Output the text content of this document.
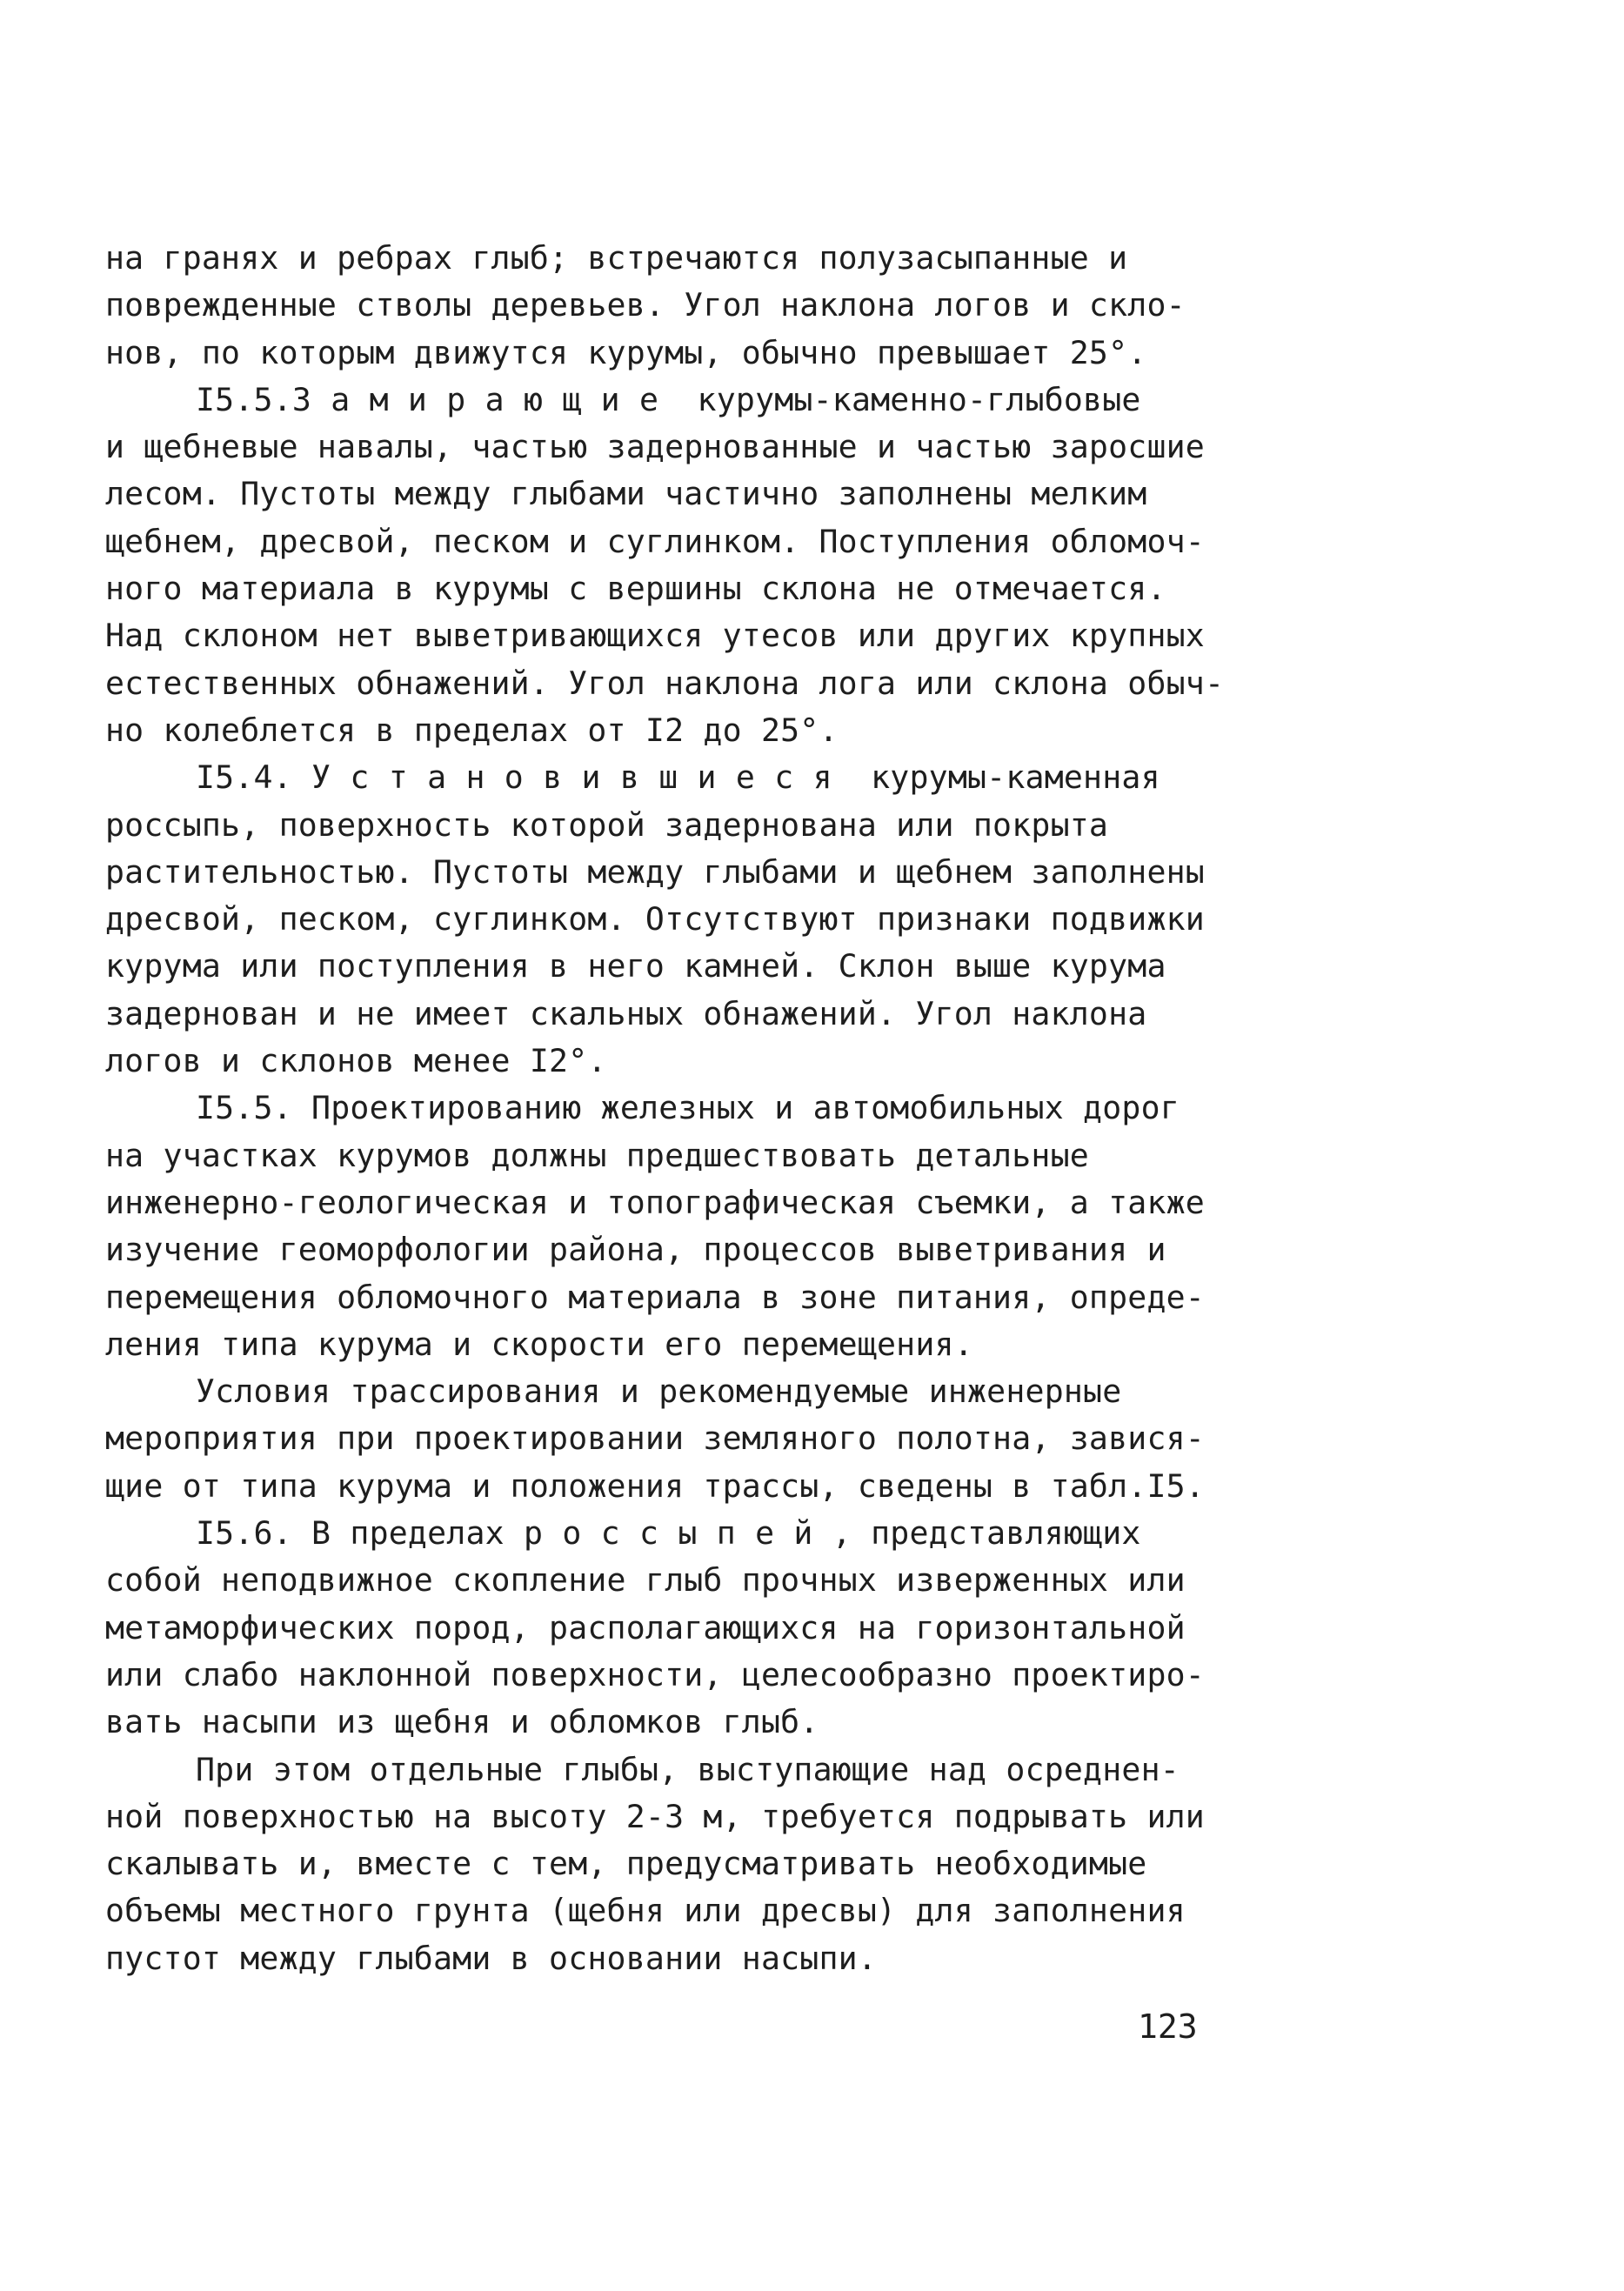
на гранях и ребрах глыб; встречаются полузасыпанные и
поврежденные стволы деревьев. Угол наклона логов и скло-
нов, по которым движутся курумы, обычно превышает 25°.
I5.5.3 а м и р а ю щ и е  курумы-каменно-глыбовые
и щебневые навалы, частью задернованные и частью заросшие
лесом. Пустоты между глыбами частично заполнены мелким
щебнем, дресвой, песком и суглинком. Поступления обломоч-
ного материала в курумы с вершины склона не отмечается.
Над склоном нет выветривающихся утесов или других крупных
естественных обнажений. Угол наклона лога или склона обыч-
но колеблется в пределах от I2 до 25°.
I5.4. У с т а н о в и в ш и е с я  курумы-каменная
россыпь, поверхность которой задернована или покрыта
растительностью. Пустоты между глыбами и щебнем заполнены
дресвой, песком, суглинком. Отсутствуют признаки подвижки
курума или поступления в него камней. Склон выше курума
задернован и не имеет скальных обнажений. Угол наклона
логов и склонов менее I2°.
I5.5. Проектированию железных и автомобильных дорог
на участках курумов должны предшествовать детальные
инженерно-геологическая и топографическая съемки, а также
изучение геоморфологии района, процессов выветривания и
перемещения обломочного материала в зоне питания, опреде-
ления типа курума и скорости его перемещения.
Условия трассирования и рекомендуемые инженерные
мероприятия при проектировании земляного полотна, завися-
щие от типа курума и положения трассы, сведены в табл.I5.
I5.6. В пределах р о с с ы п е й , представляющих
собой неподвижное скопление глыб прочных изверженных или
метаморфических пород, располагающихся на горизонтальной
или слабо наклонной поверхности, целесообразно проектиро-
вать насыпи из щебня и обломков глыб.
При этом отдельные глыбы, выступающие над осреднен-
ной поверхностью на высоту 2-3 м, требуется подрывать или
скалывать и, вместе с тем, предусматривать необходимые
объемы местного грунта (щебня или дресвы) для заполнения
пустот между глыбами в основании насыпи.
123
